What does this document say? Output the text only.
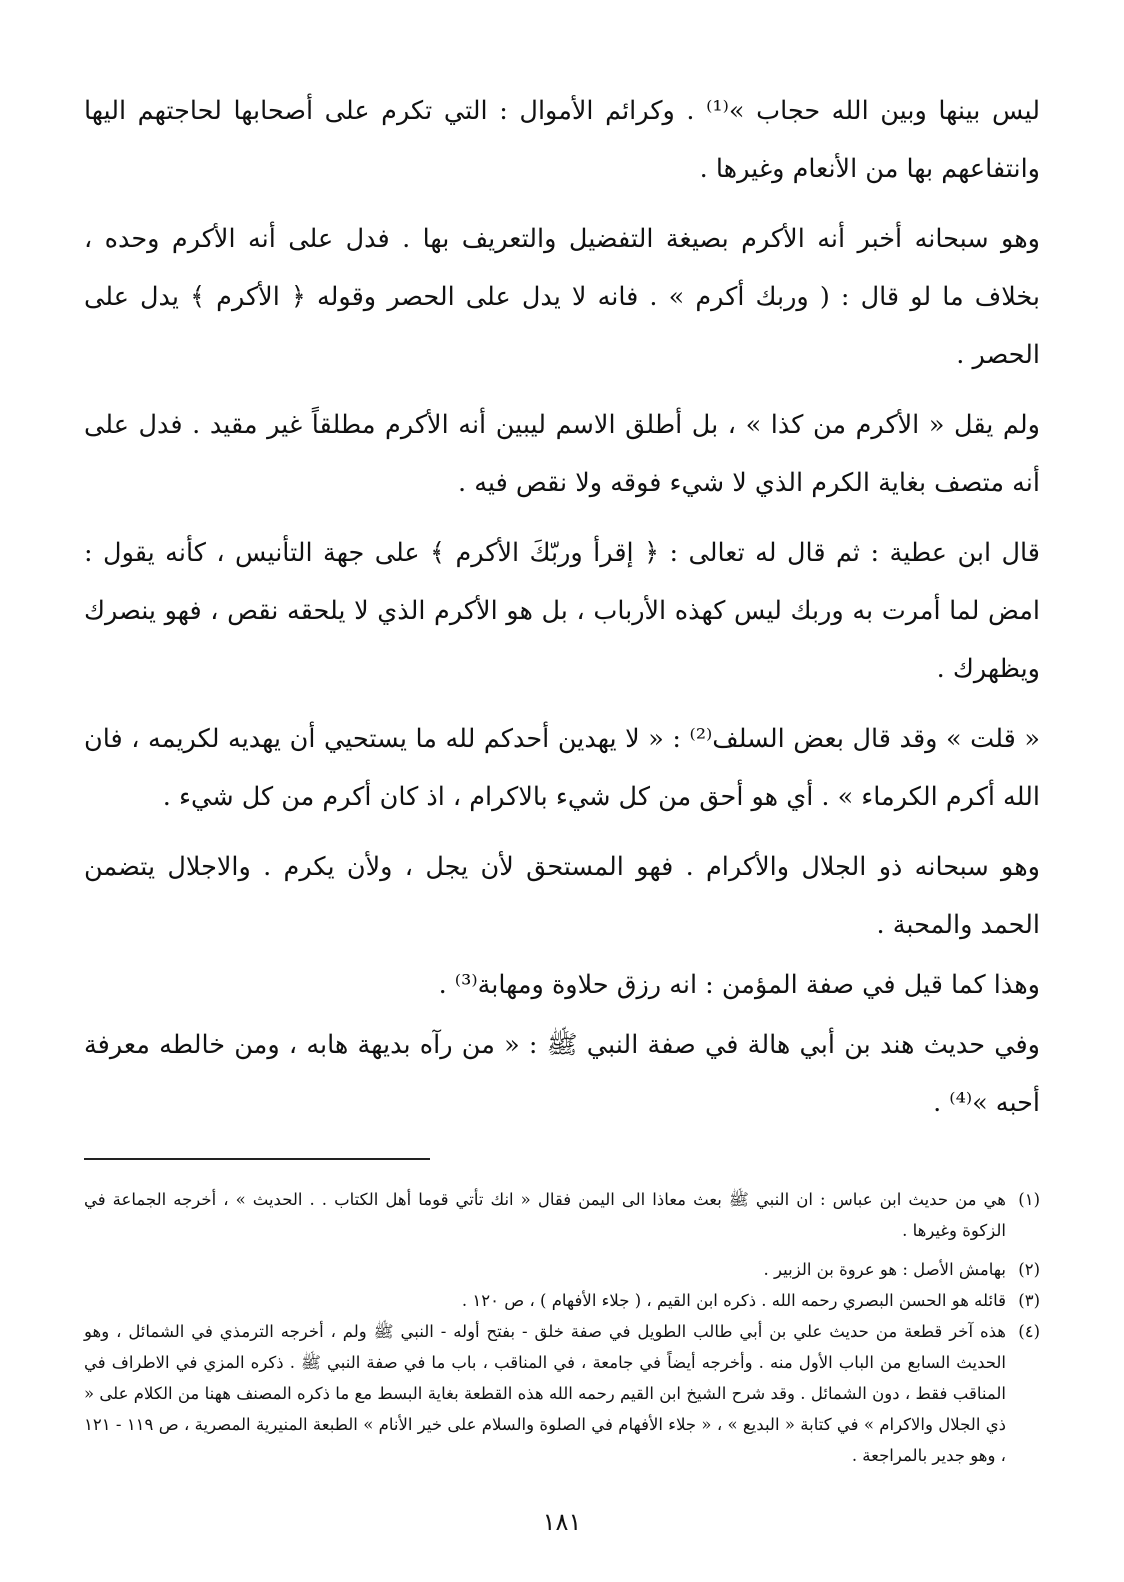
ليس بينها وبين الله حجاب »⁽¹⁾ . وكرائم الأموال : التي تكرم على أصحابها لحاجتهم اليها وانتفاعهم بها من الأنعام وغيرها .

وهو سبحانه أخبر أنه الأكرم بصيغة التفضيل والتعريف بها . فدل على أنه الأكرم وحده ، بخلاف ما لو قال : ( وربك أكرم » . فانه لا يدل على الحصر وقوله ﴿ الأكرم ﴾ يدل على الحصر .

ولم يقل « الأكرم من كذا » ، بل أطلق الاسم ليبين أنه الأكرم مطلقاً غير مقيد . فدل على أنه متصف بغاية الكرم الذي لا شيء فوقه ولا نقص فيه .

قال ابن عطية : ثم قال له تعالى : ﴿ إقرأ وربّكَ الأكرم ﴾ على جهة التأنيس ، كأنه يقول : امض لما أمرت به وربك ليس كهذه الأرباب ، بل هو الأكرم الذي لا يلحقه نقص ، فهو ينصرك ويظهرك .

« قلت » وقد قال بعض السلف⁽²⁾ : « لا يهدين أحدكم لله ما يستحيي أن يهديه لكريمه ، فان الله أكرم الكرماء » . أي هو أحق من كل شيء بالاكرام ، اذ كان أكرم من كل شيء .

وهو سبحانه ذو الجلال والأكرام . فهو المستحق لأن يجل ، ولأن يكرم . والاجلال يتضمن الحمد والمحبة .

وهذا كما قيل في صفة المؤمن : انه رزق حلاوة ومهابة⁽³⁾ .

وفي حديث هند بن أبي هالة في صفة النبي ﷺ : « من رآه بديهة هابه ، ومن خالطه معرفة أحبه »⁽⁴⁾ .

(١)
هي من حديث ابن عباس : ان النبي ﷺ بعث معاذا الى اليمن فقال « انك تأتي قوما أهل الكتاب . . الحديث » ، أخرجه الجماعة في الزكوة وغيرها .
(٢)
بهامش الأصل : هو عروة بن الزبير .
(٣)
قائله هو الحسن البصري رحمه الله . ذكره ابن القيم ، ( جلاء الأفهام ) ، ص ١٢٠ .
(٤)
هذه آخر قطعة من حديث علي بن أبي طالب الطويل في صفة خلق - بفتح أوله - النبي ﷺ ولم ، أخرجه الترمذي في الشمائل ، وهو الحديث السابع من الباب الأول منه . وأخرجه أيضاً في جامعة ، في المناقب ، باب ما في صفة النبي ﷺ . ذكره المزي في الاطراف في المناقب فقط ، دون الشمائل . وقد شرح الشيخ ابن القيم رحمه الله هذه القطعة بغاية البسط مع ما ذكره المصنف ههنا من الكلام على « ذي الجلال والاكرام » في كتابة « البديع » ، « جلاء الأفهام في الصلوة والسلام على خير الأنام » الطبعة المنيرية المصرية ، ص ١١٩ - ١٢١ ، وهو جدير بالمراجعة .
١٨١
